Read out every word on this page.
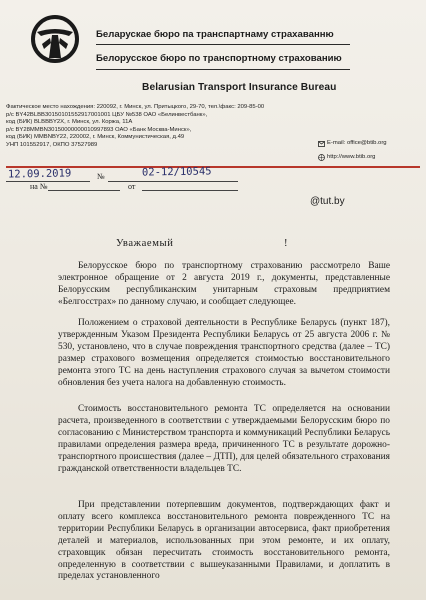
Беларускае бюро па транспартнаму страхаванню
Белорусское бюро по транспортному страхованию
Belarusian Transport Insurance Bureau
Фактическое место нахождения: 220092, г. Минск, ул. Притыцкого, 29-70, тел.\факс: 209-85-00
р/с BY42BLBB30150101552917001001 ЦБУ №538 ОАО «Белинвестбанк»,
код (БИК) BLBBBY2X, г. Минск, ул. Коржа, 11А
р/с BY28MMBN30150000000010997893 ОАО «Банк Москва-Минск»,
код (БИК) MMBNBY22, 220002, г. Минск, Коммунистическая, д.49
УНП 101552917, ОКПО 37527989	E-mail: office@btib.org
http://www.btib.org
12.09.2019	№	02-12/10545
на №	от
@tut.by
Уважаемый	!
Белорусское бюро по транспортному страхованию рассмотрело Ваше электронное обращение от 2 августа 2019 г., документы, представленные Белорусским республиканским унитарным страховым предприятием «Белгосстрах» по данному случаю, и сообщает следующее.
Положением о страховой деятельности в Республике Беларусь (пункт 187), утвержденным Указом Президента Республики Беларусь от 25 августа 2006 г. № 530, установлено, что в случае повреждения транспортного средства (далее – ТС) размер страхового возмещения определяется стоимостью восстановительного ремонта этого ТС на день наступления страхового случая за вычетом стоимости обновления без учета налога на добавленную стоимость.
Стоимость восстановительного ремонта ТС определяется на основании расчета, произведенного в соответствии с утверждаемыми Белорусским бюро по согласованию с Министерством транспорта и коммуникаций Республики Беларусь правилами определения размера вреда, причиненного ТС в результате дорожно-транспортного происшествия (далее – ДТП), для целей обязательного страхования гражданской ответственности владельцев ТС.
При представлении потерпевшим документов, подтверждающих факт и оплату всего комплекса восстановительного ремонта поврежденного ТС на территории Республики Беларусь в организации автосервиса, факт приобретения деталей и материалов, использованных при этом ремонте, и их оплату, страховщик обязан пересчитать стоимость восстановительного ремонта, определенную в соответствии с вышеуказанными Правилами, и доплатить в пределах установленного
